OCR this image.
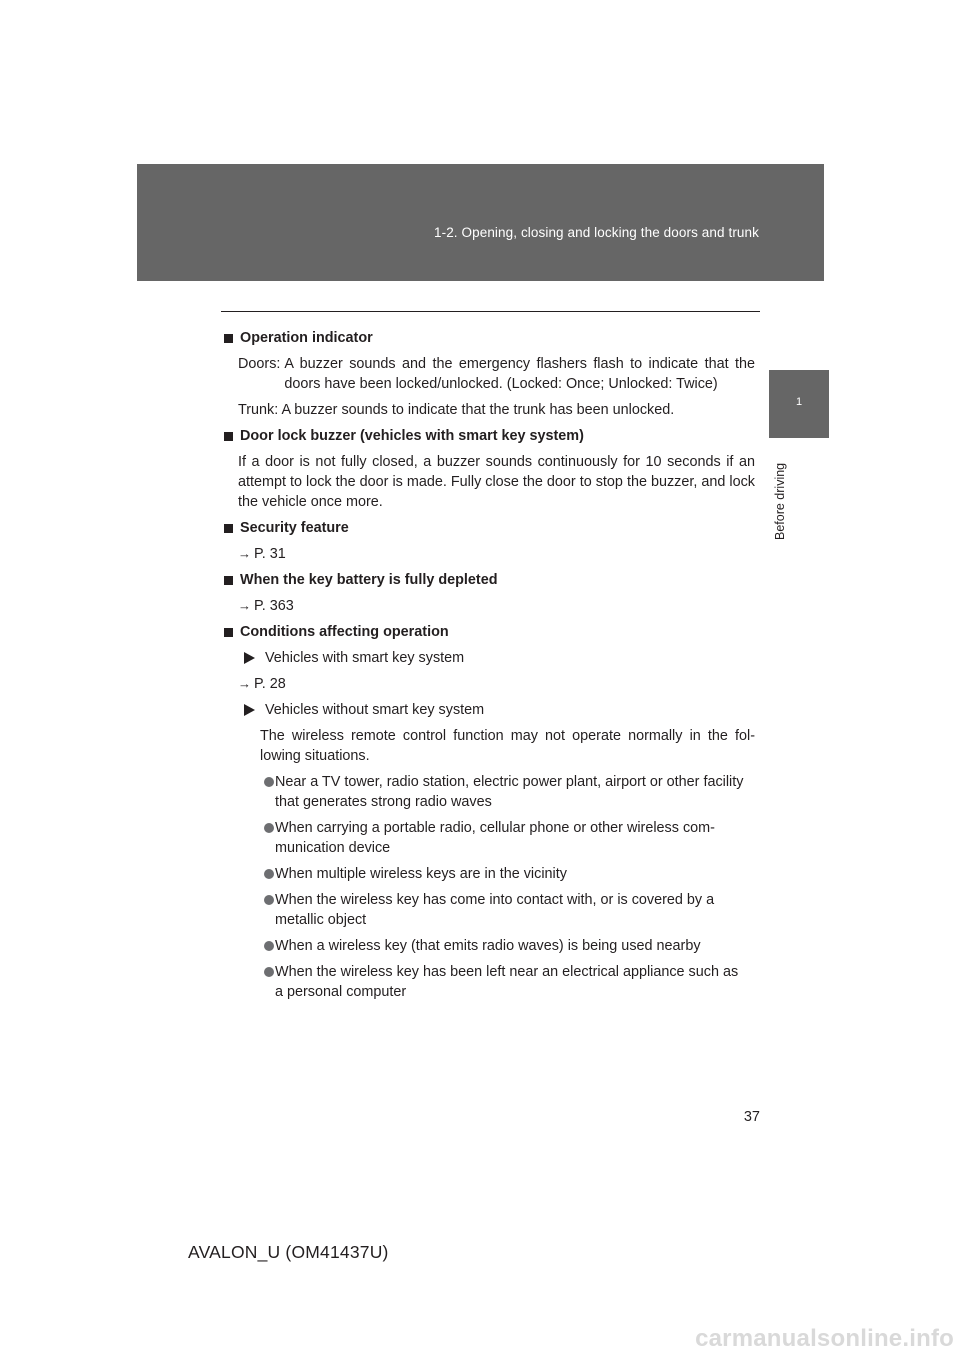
1-2. Opening, closing and locking the doors and trunk
1
Before driving
Operation indicator
Doors: A buzzer sounds and the emergency flashers flash to indicate that the doors have been locked/unlocked. (Locked: Once; Unlocked: Twice)
Trunk: A buzzer sounds to indicate that the trunk has been unlocked.
Door lock buzzer (vehicles with smart key system)
If a door is not fully closed, a buzzer sounds continuously for 10 seconds if an attempt to lock the door is made. Fully close the door to stop the buzzer, and lock the vehicle once more.
Security feature
→ P. 31
When the key battery is fully depleted
→ P. 363
Conditions affecting operation
Vehicles with smart key system
→ P. 28
Vehicles without smart key system
The wireless remote control function may not operate normally in the fol-lowing situations.
Near a TV tower, radio station, electric power plant, airport or other facility that generates strong radio waves
When carrying a portable radio, cellular phone or other wireless com-munication device
When multiple wireless keys are in the vicinity
When the wireless key has come into contact with, or is covered by a metallic object
When a wireless key (that emits radio waves) is being used nearby
When the wireless key has been left near an electrical appliance such as a personal computer
37
AVALON_U (OM41437U)
carmanualsonline.info
